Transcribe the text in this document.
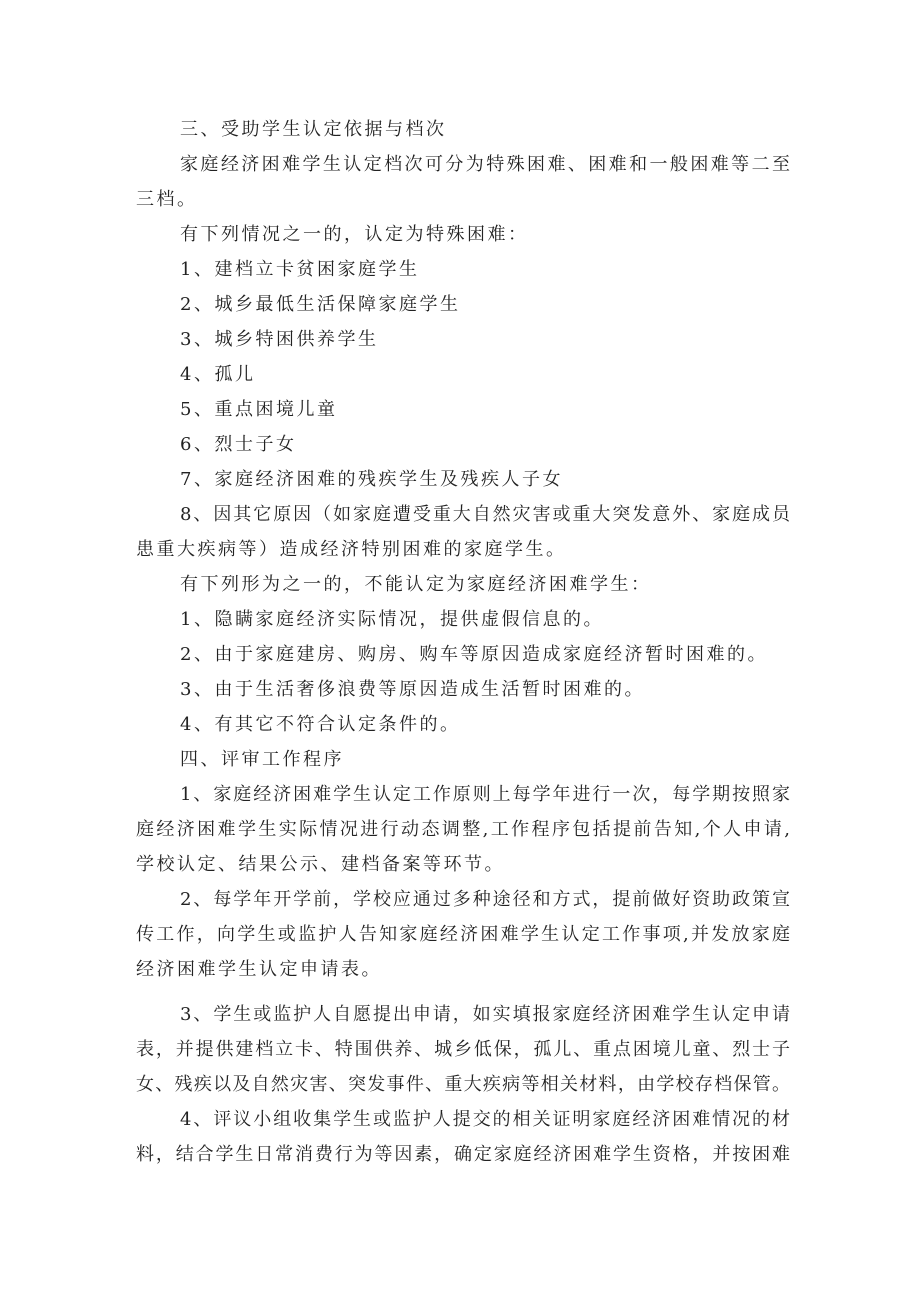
三、受助学生认定依据与档次
家庭经济困难学生认定档次可分为特殊困难、困难和一般困难等二至
三档。
有下列情况之一的，认定为特殊困难：
1、建档立卡贫困家庭学生
2、城乡最低生活保障家庭学生
3、城乡特困供养学生
4、孤儿
5、重点困境儿童
6、烈士子女
7、家庭经济困难的残疾学生及残疾人子女
8、因其它原因（如家庭遭受重大自然灾害或重大突发意外、家庭成员
患重大疾病等）造成经济特别困难的家庭学生。
有下列形为之一的，不能认定为家庭经济困难学生：
1、隐瞒家庭经济实际情况，提供虚假信息的。
2、由于家庭建房、购房、购车等原因造成家庭经济暂时困难的。
3、由于生活奢侈浪费等原因造成生活暂时困难的。
4、有其它不符合认定条件的。
四、评审工作程序
1、家庭经济困难学生认定工作原则上每学年进行一次，每学期按照家
庭经济困难学生实际情况进行动态调整,工作程序包括提前告知,个人申请,
学校认定、结果公示、建档备案等环节。
2、每学年开学前，学校应通过多种途径和方式，提前做好资助政策宣
传工作，向学生或监护人告知家庭经济困难学生认定工作事项,并发放家庭
经济困难学生认定申请表。
3、学生或监护人自愿提出申请，如实填报家庭经济困难学生认定申请
表，并提供建档立卡、特围供养、城乡低保，孤儿、重点困境儿童、烈士子
女、残疾以及自然灾害、突发事件、重大疾病等相关材料，由学校存档保管。
4、评议小组收集学生或监护人提交的相关证明家庭经济困难情况的材
料，结合学生日常消费行为等因素，确定家庭经济困难学生资格，并按困难
